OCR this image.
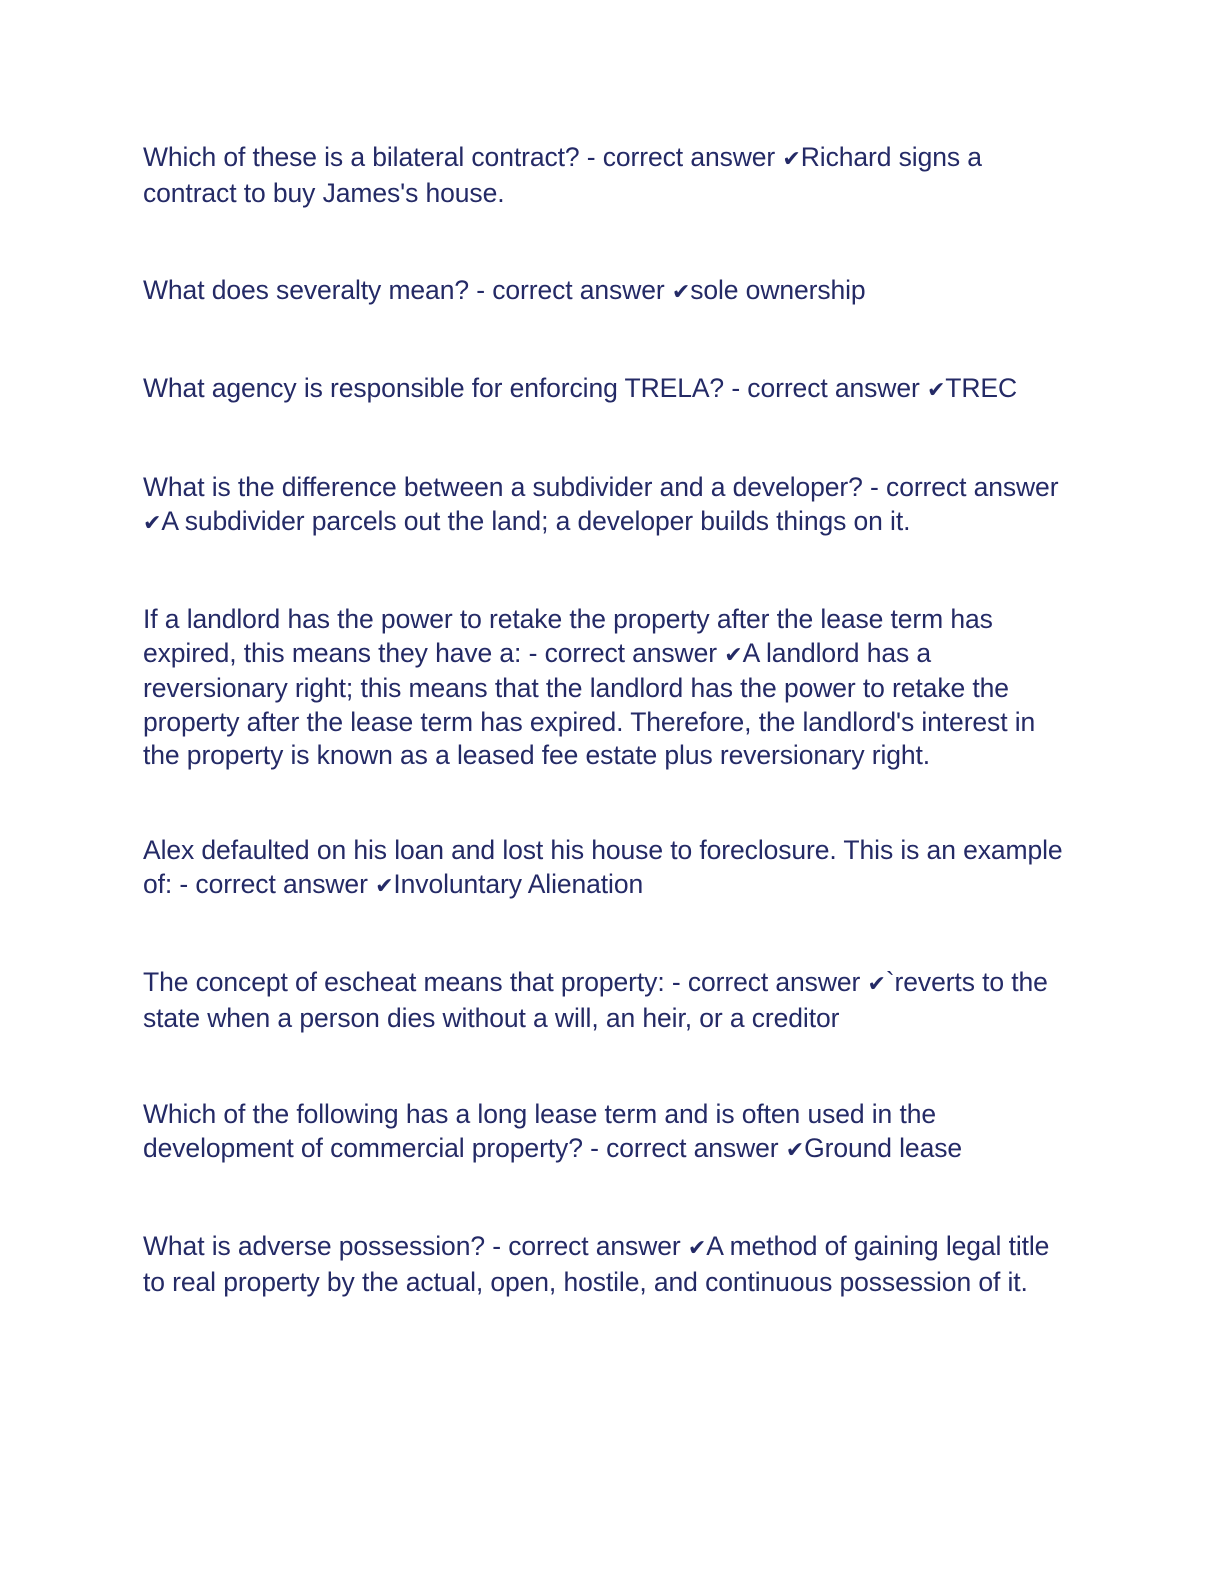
Which of these is a bilateral contract? - correct answer ✔Richard signs a contract to buy James's house.

What does severalty mean? - correct answer ✔sole ownership

What agency is responsible for enforcing TRELA? - correct answer ✔TREC

What is the difference between a subdivider and a developer? - correct answer ✔A subdivider parcels out the land; a developer builds things on it.

If a landlord has the power to retake the property after the lease term has expired, this means they have a: - correct answer ✔A landlord has a reversionary right; this means that the landlord has the power to retake the property after the lease term has expired. Therefore, the landlord's interest in the property is known as a leased fee estate plus reversionary right.

Alex defaulted on his loan and lost his house to foreclosure. This is an example of: - correct answer ✔Involuntary Alienation

The concept of escheat means that property: - correct answer ✔`reverts to the state when a person dies without a will, an heir, or a creditor

Which of the following has a long lease term and is often used in the development of commercial property? - correct answer ✔Ground lease

What is adverse possession? - correct answer ✔A method of gaining legal title to real property by the actual, open, hostile, and continuous possession of it.
